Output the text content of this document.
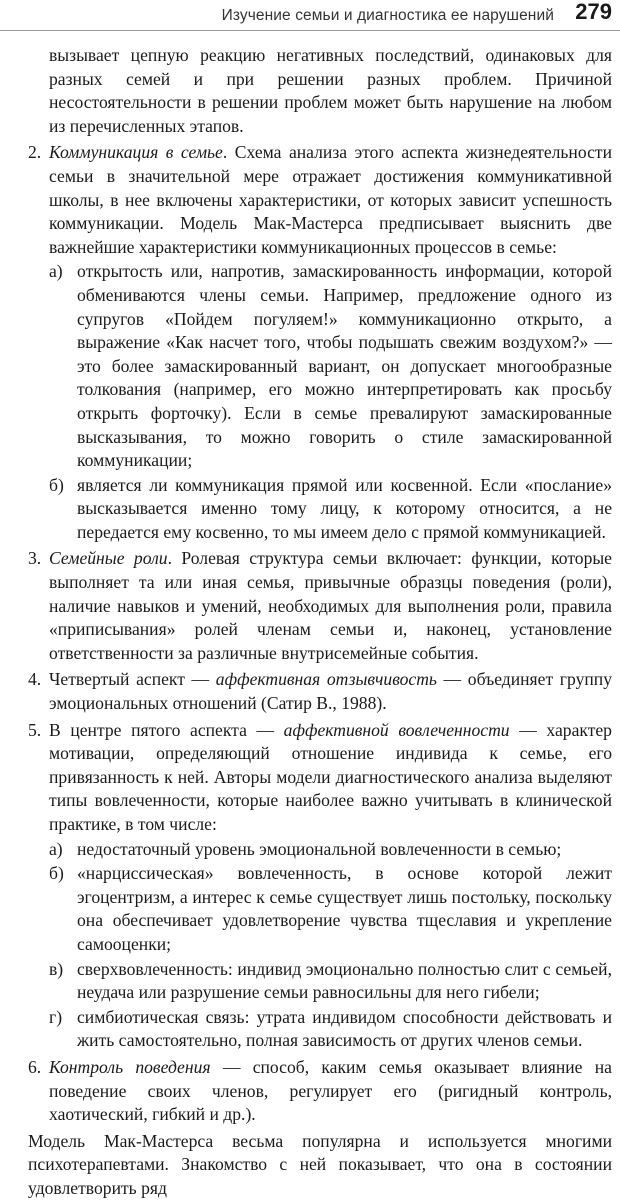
Изучение семьи и диагностика ее нарушений 279

вызывает цепную реакцию негативных последствий, одинаковых для разных семей и при решении разных проблем. Причиной несостоятельности в решении проблем может быть нарушение на любом из перечисленных этапов.

2. Коммуникация в семье. Схема анализа этого аспекта жизнедеятельности семьи в значительной мере отражает достижения коммуникативной школы, в нее включены характеристики, от которых зависит успешность коммуникации. Модель Мак-Мастерса предписывает выяснить две важнейшие характеристики коммуникационных процессов в семье:

а) открытость или, напротив, замаскированность информации, которой обмениваются члены семьи. Например, предложение одного из супругов «Пойдем погуляем!» коммуникационно открыто, а выражение «Как насчет того, чтобы подышать свежим воздухом?» — это более замаскированный вариант, он допускает многообразные толкования (например, его можно интерпретировать как просьбу открыть форточку). Если в семье превалируют замаскированные высказывания, то можно говорить о стиле замаскированной коммуникации;

б) является ли коммуникация прямой или косвенной. Если «послание» высказывается именно тому лицу, к которому относится, а не передается ему косвенно, то мы имеем дело с прямой коммуникацией.

3. Семейные роли. Ролевая структура семьи включает: функции, которые выполняет та или иная семья, привычные образцы поведения (роли), наличие навыков и умений, необходимых для выполнения роли, правила «приписывания» ролей членам семьи и, наконец, установление ответственности за различные внутрисемейные события.

4. Четвертый аспект — аффективная отзывчивость — объединяет группу эмоциональных отношений (Сатир В., 1988).

5. В центре пятого аспекта — аффективной вовлеченности — характер мотивации, определяющий отношение индивида к семье, его привязанность к ней. Авторы модели диагностического анализа выделяют типы вовлеченности, которые наиболее важно учитывать в клинической практике, в том числе:

а) недостаточный уровень эмоциональной вовлеченности в семью;

б) «нарциссическая» вовлеченность, в основе которой лежит эгоцентризм, а интерес к семье существует лишь постольку, поскольку она обеспечивает удовлетворение чувства тщеславия и укрепление самооценки;

в) сверхвовлеченность: индивид эмоционально полностью слит с семьей, неудача или разрушение семьи равносильны для него гибели;

г) симбиотическая связь: утрата индивидом способности действовать и жить самостоятельно, полная зависимость от других членов семьи.

6. Контроль поведения — способ, каким семья оказывает влияние на поведение своих членов, регулирует его (ригидный контроль, хаотический, гибкий и др.).

Модель Мак-Мастерса весьма популярна и используется многими психотерапевтами. Знакомство с ней показывает, что она в состоянии удовлетворить ряд
